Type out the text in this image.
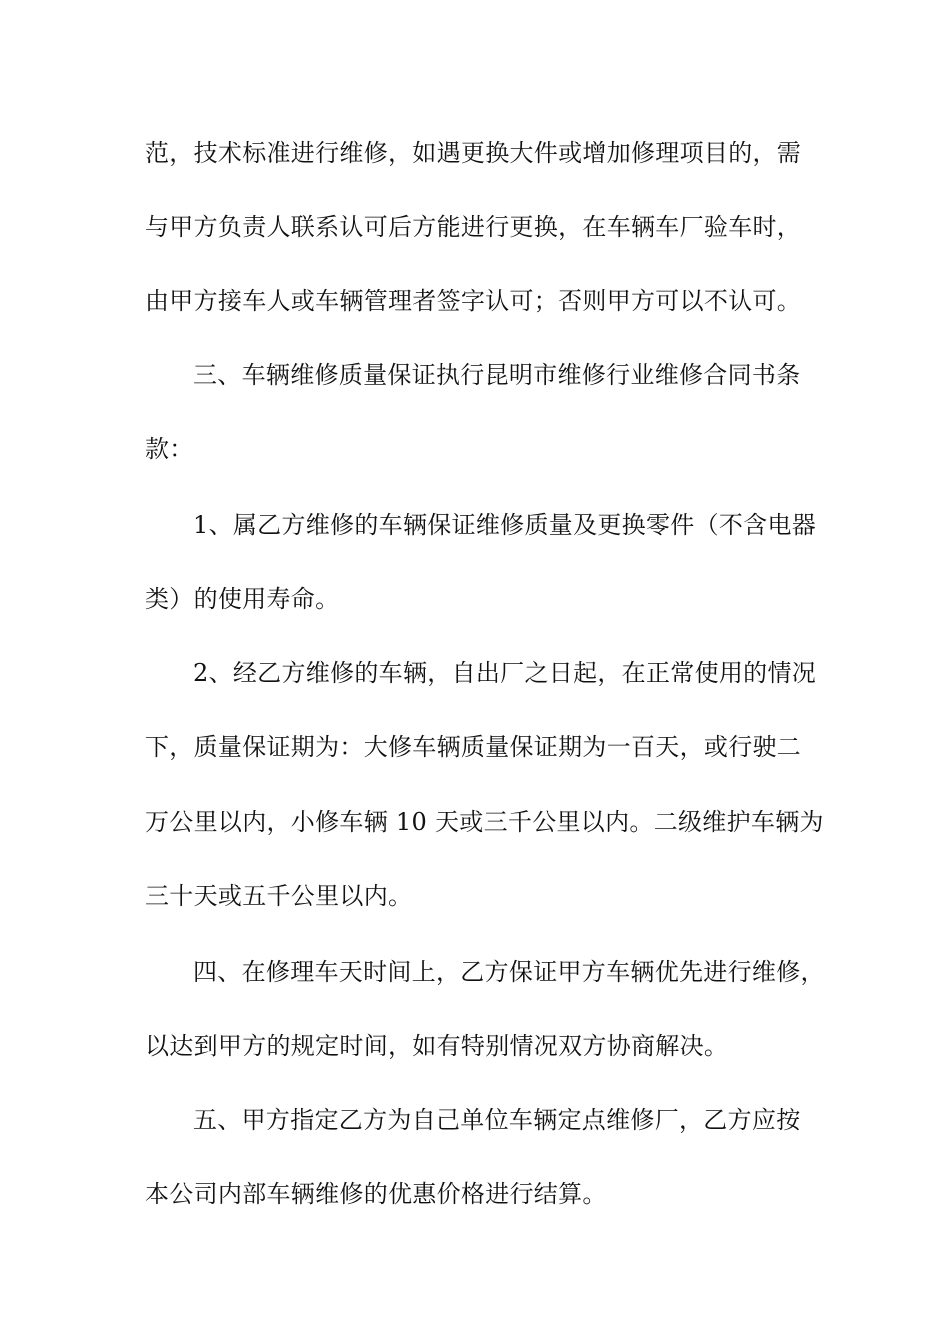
范，技术标准进行维修，如遇更换大件或增加修理项目的，需
与甲方负责人联系认可后方能进行更换，在车辆车厂验车时，
由甲方接车人或车辆管理者签字认可；否则甲方可以不认可。
三、车辆维修质量保证执行昆明市维修行业维修合同书条
款：
1、属乙方维修的车辆保证维修质量及更换零件（不含电器
类）的使用寿命。
2、经乙方维修的车辆，自出厂之日起，在正常使用的情况
下，质量保证期为：大修车辆质量保证期为一百天，或行驶二
万公里以内，小修车辆 10 天或三千公里以内。二级维护车辆为
三十天或五千公里以内。
四、在修理车天时间上，乙方保证甲方车辆优先进行维修，
以达到甲方的规定时间，如有特别情况双方协商解决。
五、甲方指定乙方为自己单位车辆定点维修厂，乙方应按
本公司内部车辆维修的优惠价格进行结算。
